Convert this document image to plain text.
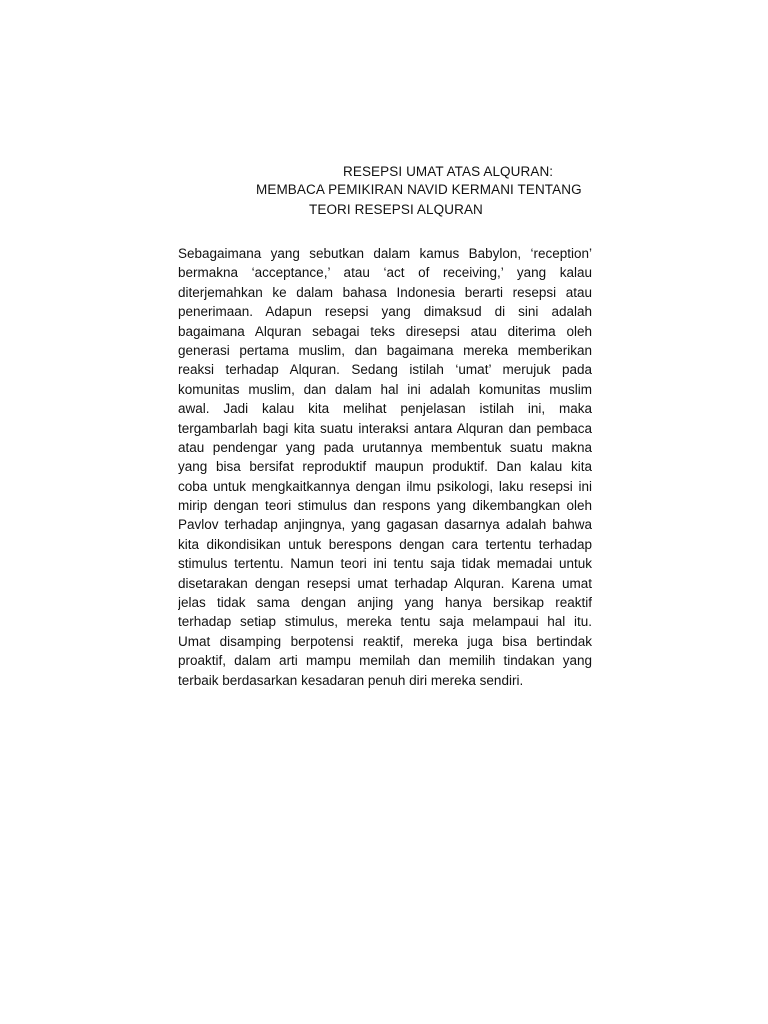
RESEPSI UMAT ATAS ALQURAN:
MEMBACA PEMIKIRAN NAVID KERMANI TENTANG
TEORI RESEPSI ALQURAN
Sebagaimana yang sebutkan dalam kamus Babylon, ‘reception’
bermakna ‘acceptance,’ atau ‘act of receiving,’ yang kalau
diterjemahkan ke dalam bahasa Indonesia berarti resepsi atau
penerimaan. Adapun resepsi yang dimaksud di sini adalah
bagaimana Alquran sebagai teks diresepsi atau diterima oleh
generasi pertama muslim, dan bagaimana mereka memberikan
reaksi terhadap Alquran. Sedang istilah ‘umat’ merujuk pada
komunitas muslim, dan dalam hal ini adalah komunitas muslim
awal. Jadi kalau kita melihat penjelasan istilah ini, maka
tergambarlah bagi kita suatu interaksi antara Alquran dan pembaca
atau pendengar yang pada urutannya membentuk suatu makna
yang bisa bersifat reproduktif maupun produktif. Dan kalau kita
coba untuk mengkaitkannya dengan ilmu psikologi, laku resepsi ini
mirip dengan teori stimulus dan respons yang dikembangkan oleh
Pavlov terhadap anjingnya, yang gagasan dasarnya adalah bahwa
kita dikondisikan untuk berespons dengan cara tertentu terhadap
stimulus tertentu. Namun teori ini tentu saja tidak memadai untuk
disetarakan dengan resepsi umat terhadap Alquran. Karena umat
jelas tidak sama dengan anjing yang hanya bersikap reaktif
terhadap setiap stimulus, mereka tentu saja melampaui hal itu.
Umat disamping berpotensi reaktif, mereka juga bisa bertindak
proaktif, dalam arti mampu memilah dan memilih tindakan yang
terbaik berdasarkan kesadaran penuh diri mereka sendiri.
